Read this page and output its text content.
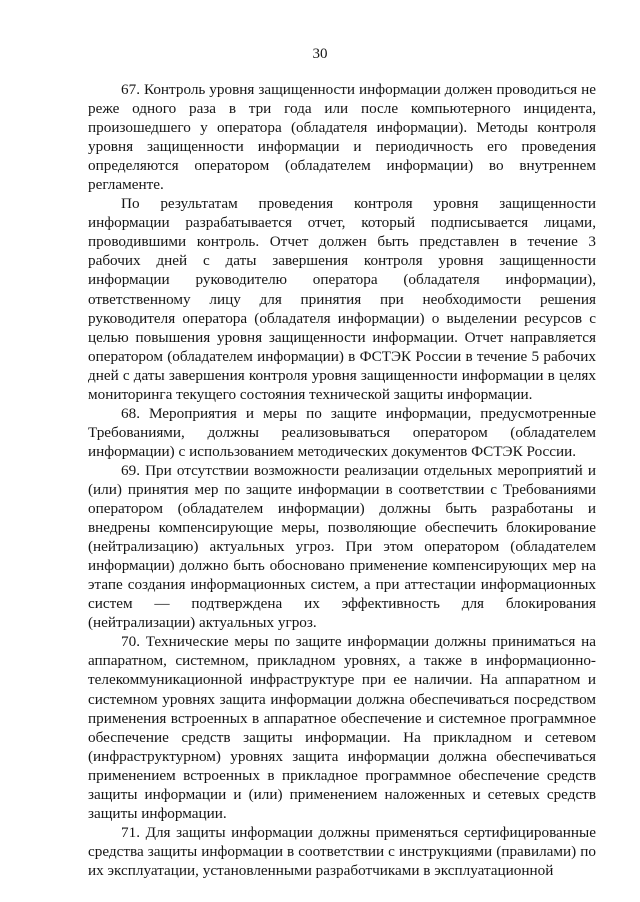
30

67. Контроль уровня защищенности информации должен проводиться не реже одного раза в три года или после компьютерного инцидента, произошедшего у оператора (обладателя информации). Методы контроля уровня защищенности информации и периодичность его проведения определяются оператором (обладателем информации) во внутреннем регламенте.

По результатам проведения контроля уровня защищенности информации разрабатывается отчет, который подписывается лицами, проводившими контроль. Отчет должен быть представлен в течение 3 рабочих дней с даты завершения контроля уровня защищенности информации руководителю оператора (обладателя информации), ответственному лицу для принятия при необходимости решения руководителя оператора (обладателя информации) о выделении ресурсов с целью повышения уровня защищенности информации. Отчет направляется оператором (обладателем информации) в ФСТЭК России в течение 5 рабочих дней с даты завершения контроля уровня защищенности информации в целях мониторинга текущего состояния технической защиты информации.

68. Мероприятия и меры по защите информации, предусмотренные Требованиями, должны реализовываться оператором (обладателем информации) с использованием методических документов ФСТЭК России.

69. При отсутствии возможности реализации отдельных мероприятий и (или) принятия мер по защите информации в соответствии с Требованиями оператором (обладателем информации) должны быть разработаны и внедрены компенсирующие меры, позволяющие обеспечить блокирование (нейтрализацию) актуальных угроз. При этом оператором (обладателем информации) должно быть обосновано применение компенсирующих мер на этапе создания информационных систем, а при аттестации информационных систем — подтверждена их эффективность для блокирования (нейтрализации) актуальных угроз.

70. Технические меры по защите информации должны приниматься на аппаратном, системном, прикладном уровнях, а также в информационно-телекоммуникационной инфраструктуре при ее наличии. На аппаратном и системном уровнях защита информации должна обеспечиваться посредством применения встроенных в аппаратное обеспечение и системное программное обеспечение средств защиты информации. На прикладном и сетевом (инфраструктурном) уровнях защита информации должна обеспечиваться применением встроенных в прикладное программное обеспечение средств защиты информации и (или) применением наложенных и сетевых средств защиты информации.

71. Для защиты информации должны применяться сертифицированные средства защиты информации в соответствии с инструкциями (правилами) по их эксплуатации, установленными разработчиками в эксплуатационной
